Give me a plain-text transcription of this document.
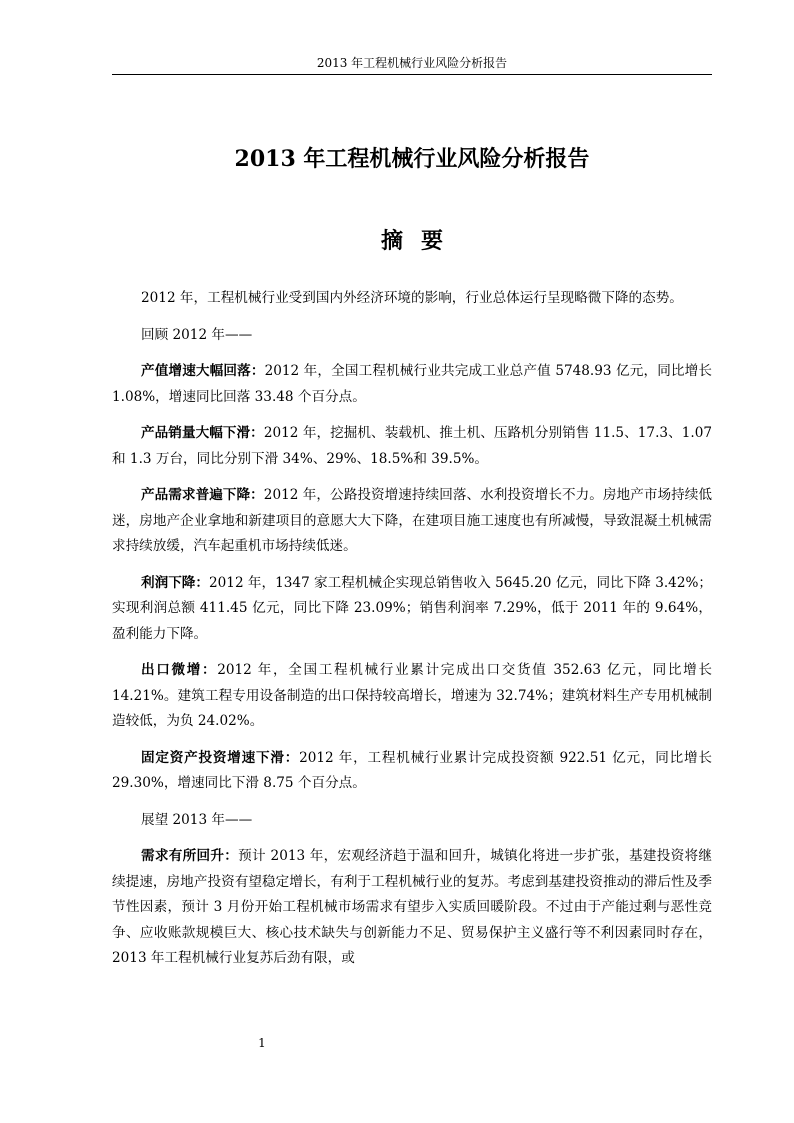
2013 年工程机械行业风险分析报告
2013 年工程机械行业风险分析报告
摘要

2012 年，工程机械行业受到国内外经济环境的影响，行业总体运行呈现略微下降的态势。

回顾 2012 年——

产值增速大幅回落：2012 年，全国工程机械行业共完成工业总产值 5748.93 亿元，同比增长 1.08%，增速同比回落 33.48 个百分点。

产品销量大幅下滑：2012 年，挖掘机、装载机、推土机、压路机分别销售 11.5、17.3、1.07 和 1.3 万台，同比分别下滑 34%、29%、18.5%和 39.5%。

产品需求普遍下降：2012 年，公路投资增速持续回落、水利投资增长不力。房地产市场持续低迷，房地产企业拿地和新建项目的意愿大大下降，在建项目施工速度也有所减慢，导致混凝土机械需求持续放缓，汽车起重机市场持续低迷。

利润下降：2012 年，1347 家工程机械企实现总销售收入 5645.20 亿元，同比下降 3.42%；实现利润总额 411.45 亿元，同比下降 23.09%；销售利润率 7.29%，低于 2011 年的 9.64%，盈利能力下降。

出口微增：2012 年，全国工程机械行业累计完成出口交货值 352.63 亿元，同比增长 14.21%。建筑工程专用设备制造的出口保持较高增长，增速为 32.74%；建筑材料生产专用机械制造较低，为负 24.02%。

固定资产投资增速下滑：2012 年，工程机械行业累计完成投资额 922.51 亿元，同比增长 29.30%，增速同比下滑 8.75 个百分点。

展望 2013 年——

需求有所回升：预计 2013 年，宏观经济趋于温和回升，城镇化将进一步扩张，基建投资将继续提速，房地产投资有望稳定增长，有利于工程机械行业的复苏。考虑到基建投资推动的滞后性及季节性因素，预计 3 月份开始工程机械市场需求有望步入实质回暖阶段。不过由于产能过剩与恶性竞争、应收账款规模巨大、核心技术缺失与创新能力不足、贸易保护主义盛行等不利因素同时存在，2013 年工程机械行业复苏后劲有限，或

1
